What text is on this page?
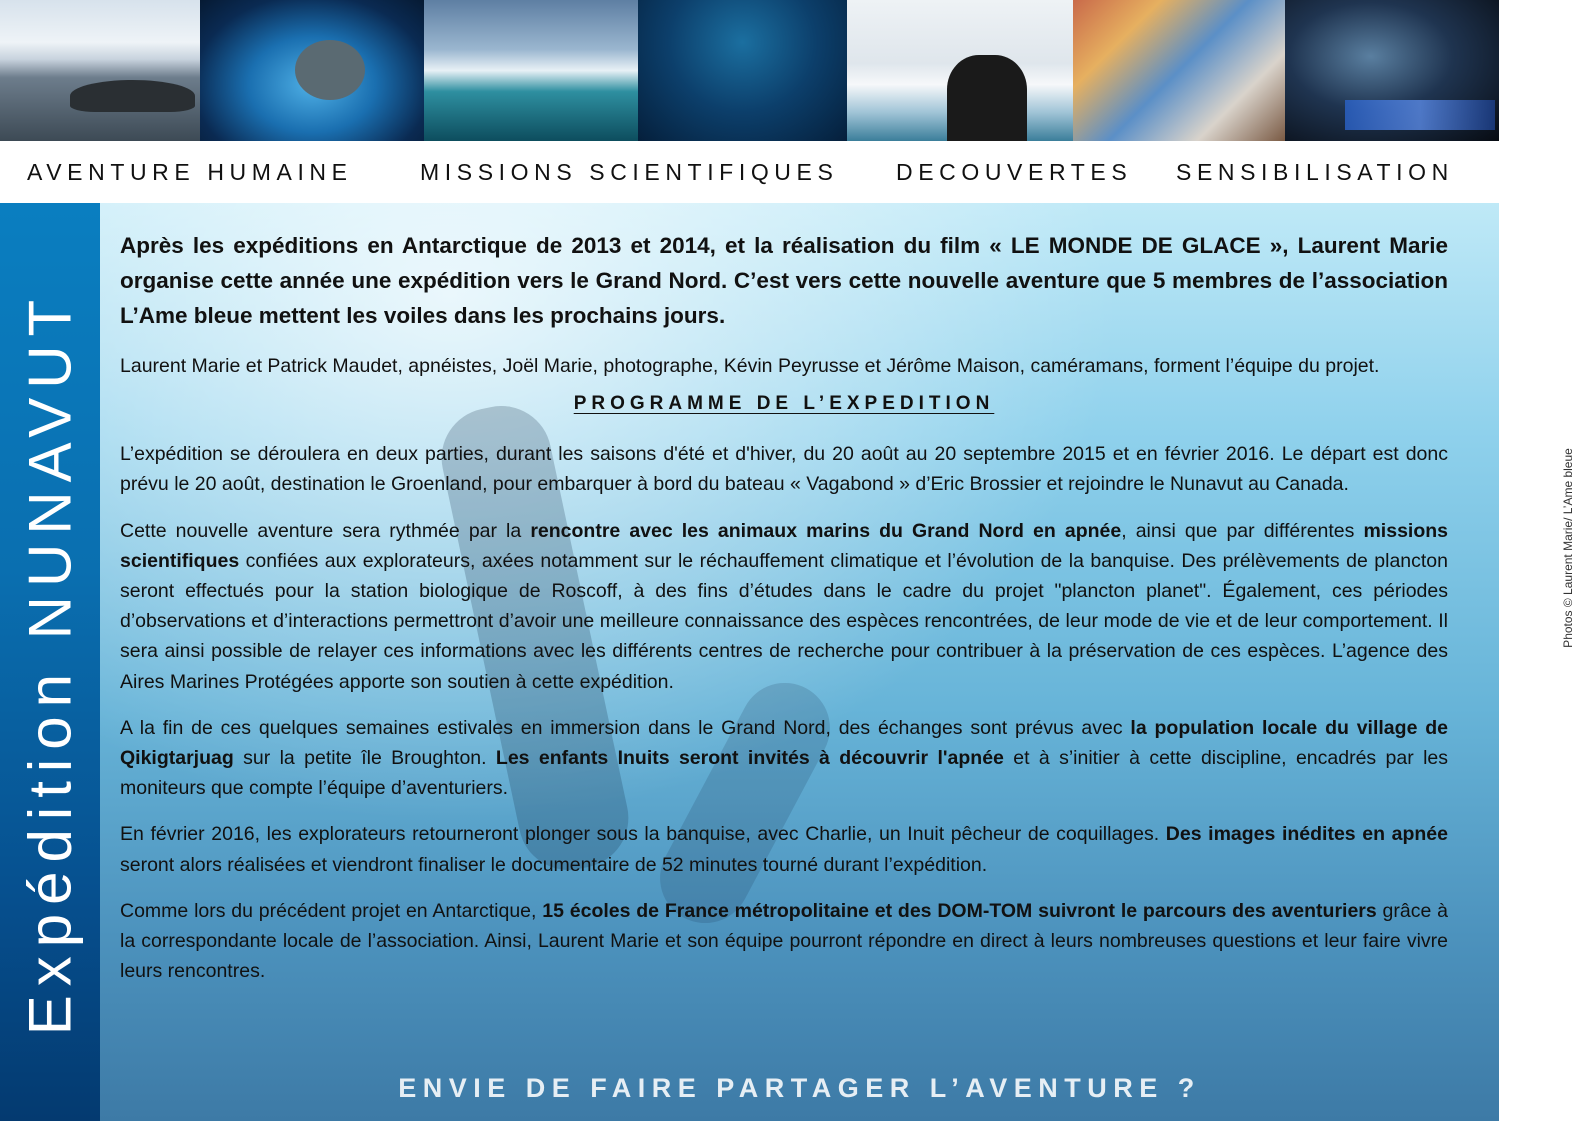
AVENTURE HUMAINE	MISSIONS SCIENTIFIQUES	DECOUVERTES SENSIBILISATION
Expédition NUNAVUT	Photos © Laurent Marie/ L’Ame bleue

Après les expéditions en Antarctique de 2013 et 2014, et la réalisation du film « LE MONDE DE GLACE », Laurent Marie organise cette année une expédition vers le Grand Nord. C’est vers cette nouvelle aventure que 5 membres de l’association L’Ame bleue mettent les voiles dans les prochains jours.

Laurent Marie et Patrick Maudet, apnéistes, Joël Marie, photographe, Kévin Peyrusse et Jérôme Maison, caméramans, forment l’équipe du projet.

PROGRAMME DE L’EXPEDITION

L’expédition se déroulera en deux parties, durant les saisons d'été et d'hiver, du 20 août au 20 septembre 2015 et en février 2016. Le départ est donc prévu le 20 août, destination le Groenland, pour embarquer à bord du bateau « Vagabond » d’Eric Brossier et rejoindre le Nunavut au Canada.

Cette nouvelle aventure sera rythmée par la rencontre avec les animaux marins du Grand Nord en apnée, ainsi que par différentes missions scientifiques confiées aux explorateurs, axées notamment sur le réchauffement climatique et l’évolution de la banquise. Des prélèvements de plancton seront effectués pour la station biologique de Roscoff, à des fins d’études dans le cadre du projet "plancton planet". Également, ces périodes d’observations et d’interactions permettront d’avoir une meilleure connaissance des espèces rencontrées, de leur mode de vie et de leur comportement. Il sera ainsi possible de relayer ces informations avec les différents centres de recherche pour contribuer à la préservation de ces espèces. L’agence des Aires Marines Protégées apporte son soutien à cette expédition.

A la fin de ces quelques semaines estivales en immersion dans le Grand Nord, des échanges sont prévus avec la population locale du village de Qikigtarjuag sur la petite île Broughton. Les enfants Inuits seront invités à découvrir l'apnée et à s’initier à cette discipline, encadrés par les moniteurs que compte l’équipe d’aventuriers.

En février 2016, les explorateurs retourneront plonger sous la banquise, avec Charlie, un Inuit pêcheur de coquillages. Des images inédites en apnée seront alors réalisées et viendront finaliser le documentaire de 52 minutes tourné durant l’expédition.

Comme lors du précédent projet en Antarctique, 15 écoles de France métropolitaine et des DOM-TOM suivront le parcours des aventuriers grâce à la correspondante locale de l’association. Ainsi, Laurent Marie et son équipe pourront répondre en direct à leurs nombreuses questions et leur faire vivre leurs rencontres.

ENVIE DE FAIRE PARTAGER L’AVENTURE ?
